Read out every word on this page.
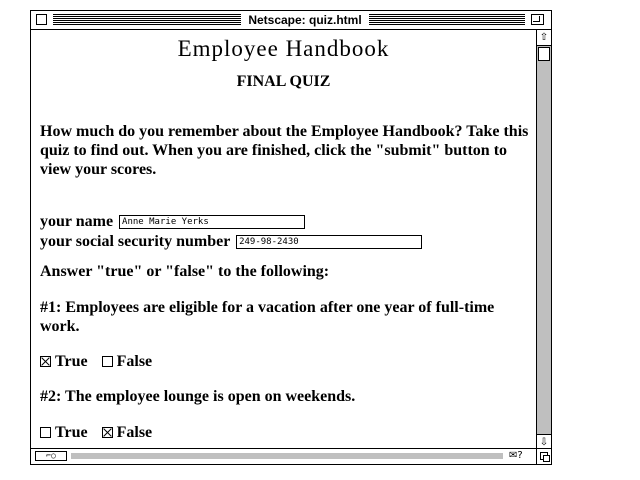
Netscape: quiz.html
Employee Handbook
FINAL QUIZ

How much do you remember about the Employee Handbook? Take this quiz to find out. When you are finished, click the "submit" button to view your scores.

your name Anne Marie Yerks
your social security number 249-98-2430

Answer "true" or "false" to the following:

#1: Employees are eligible for a vacation after one year of full-time work.

True False

#2: The employee lounge is open on weekends.

True False
⇧
⇩
⌐○	✉?
